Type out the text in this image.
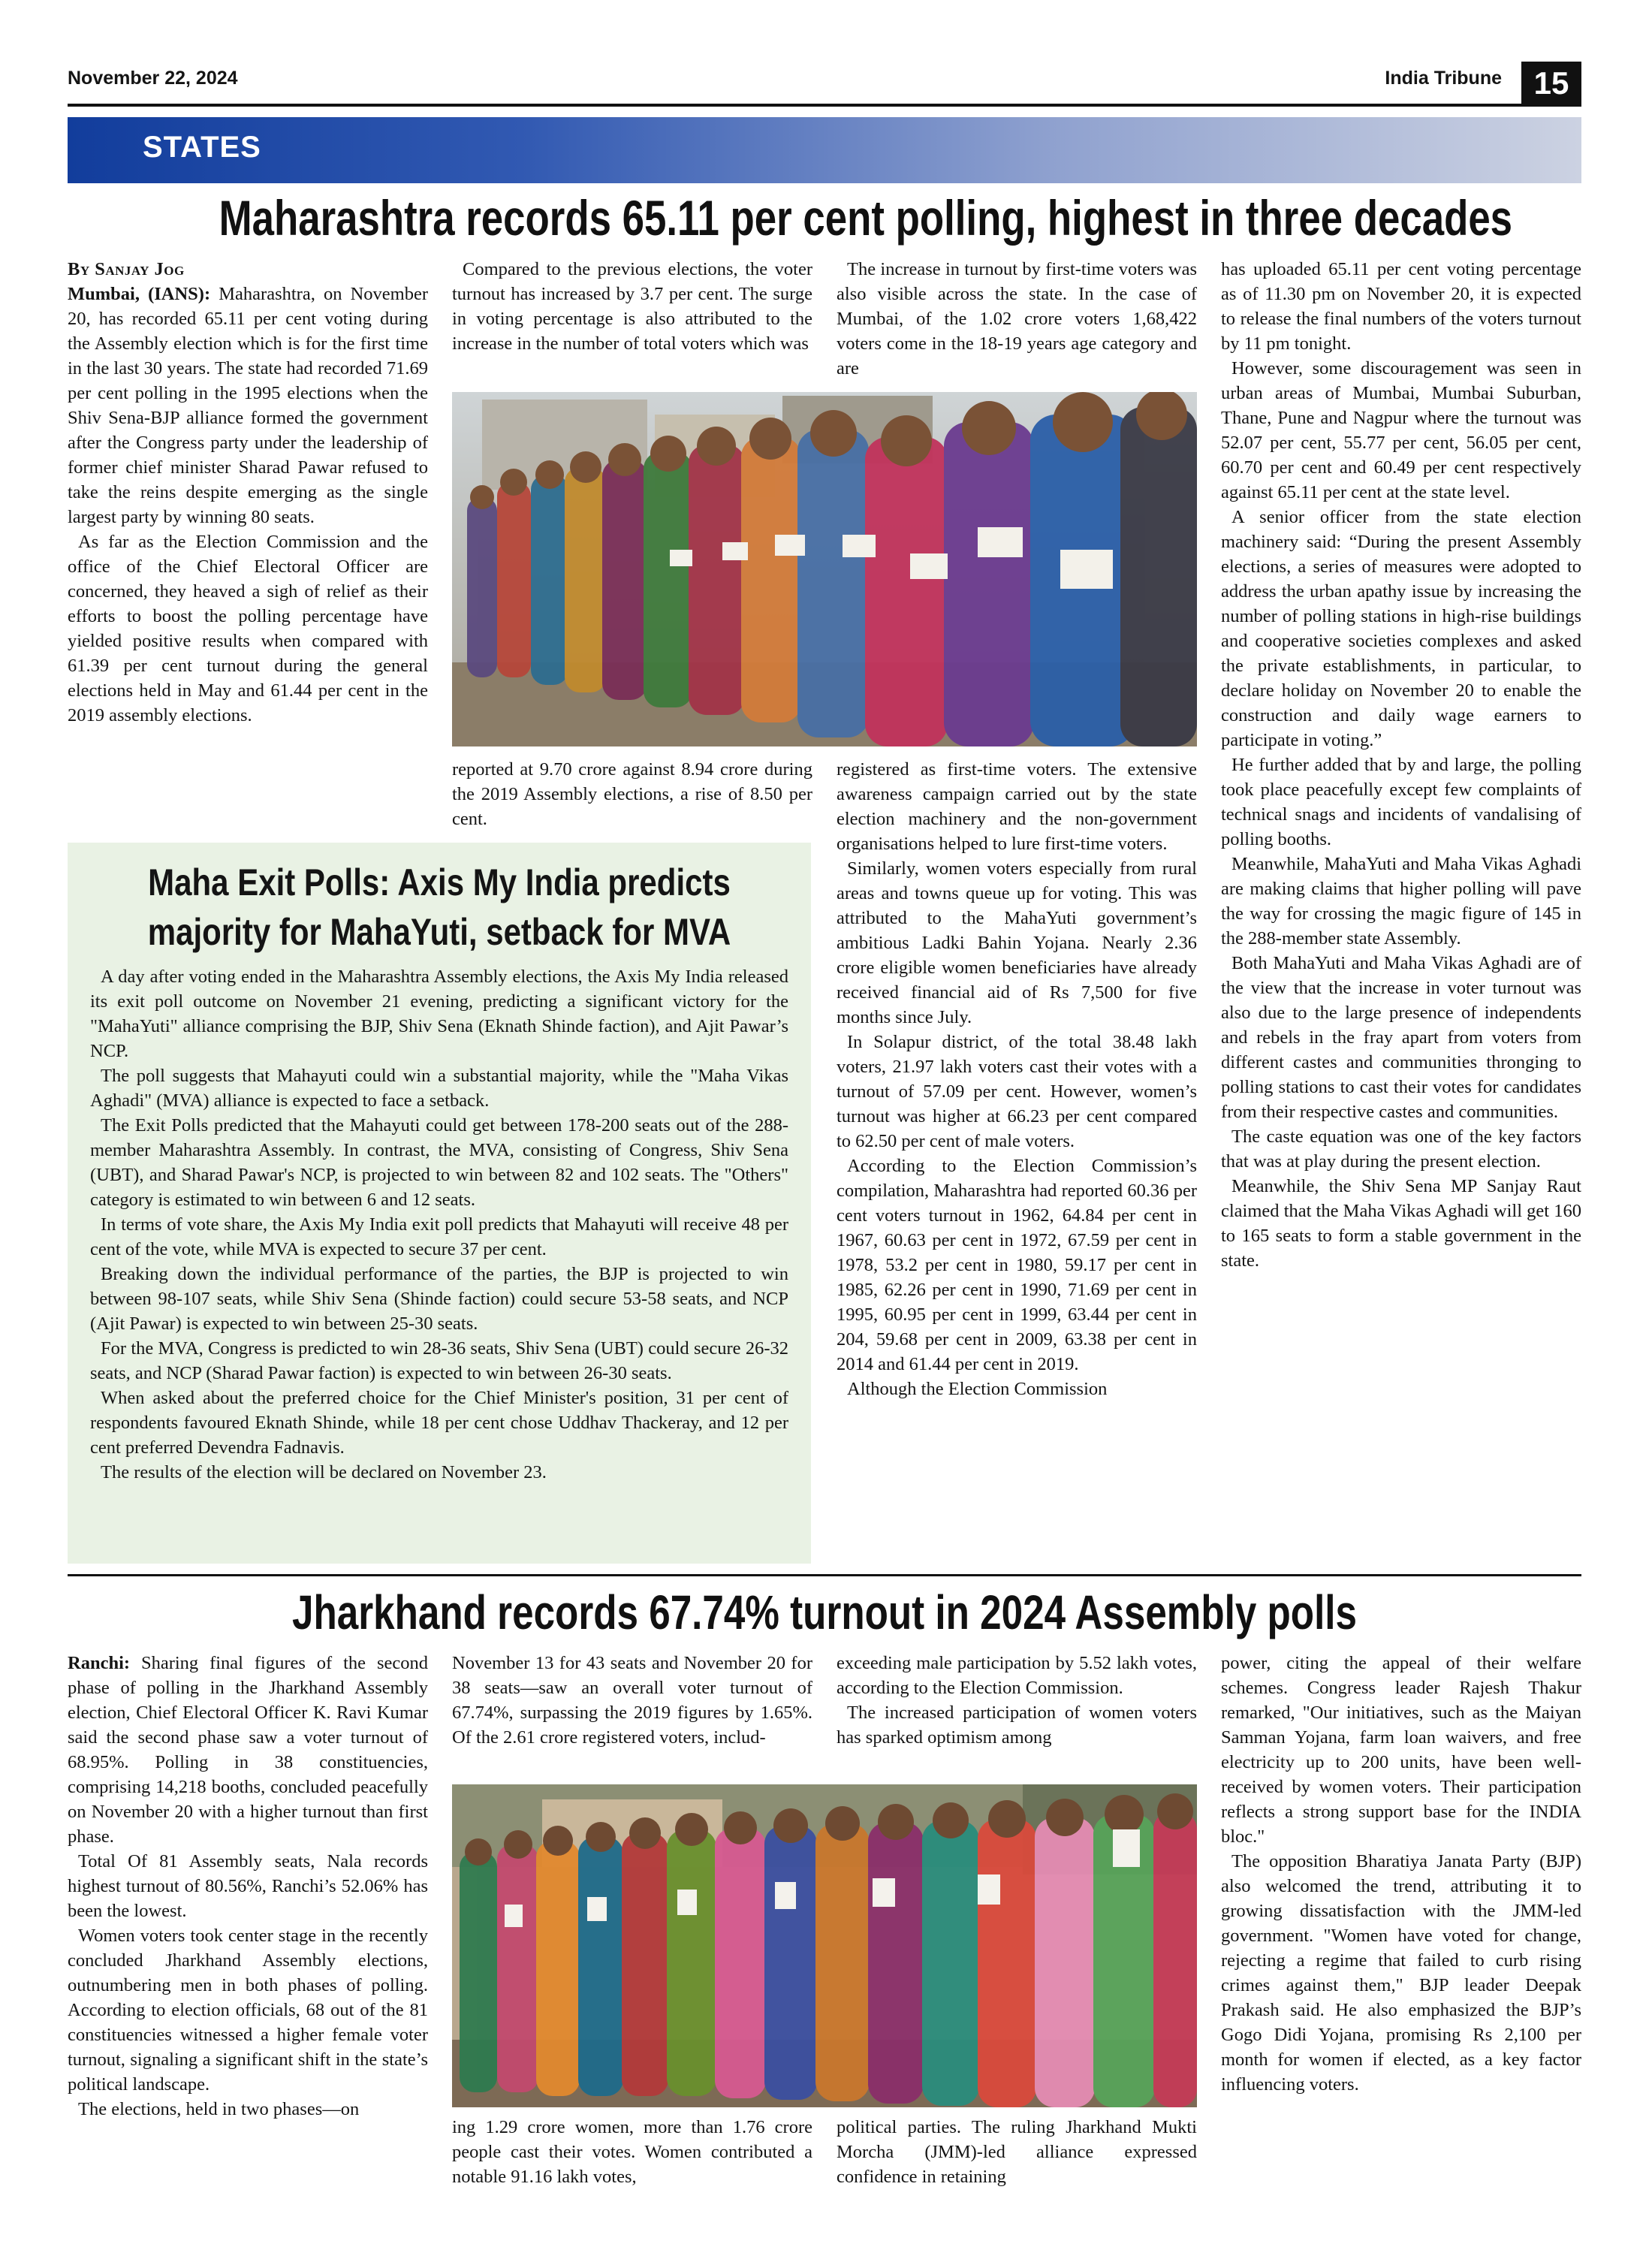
November 22, 2024	India Tribune	15
STATES
Maharashtra records 65.11 per cent polling, highest in three decades

By Sanjay Jog

Mumbai, (IANS): Maharashtra, on November 20, has recorded 65.11 per cent voting during the Assembly election which is for the first time in the last 30 years. The state had recorded 71.69 per cent polling in the 1995 elections when the Shiv Sena-BJP alliance formed the government after the Congress party under the leadership of former chief minister Sharad Pawar refused to take the reins despite emerging as the single largest party by winning 80 seats.

As far as the Election Commission and the office of the Chief Electoral Officer are concerned, they heaved a sigh of relief as their efforts to boost the polling percentage have yielded positive results when compared with 61.39 per cent turnout during the general elections held in May and 61.44 per cent in the 2019 assembly elections.

Compared to the previous elections, the voter turnout has increased by 3.7 per cent. The surge in voting percentage is also attributed to the increase in the number of total voters which was

The increase in turnout by first-time voters was also visible across the state. In the case of Mumbai, of the 1.02 crore voters 1,68,422 voters come in the 18-19 years age category and are

reported at 9.70 crore against 8.94 crore during the 2019 Assembly elections, a rise of 8.50 per cent.

registered as first-time voters. The extensive awareness campaign carried out by the state election machinery and the non-government organisations helped to lure first-time voters.

Similarly, women voters especially from rural areas and towns queue up for voting. This was attributed to the MahaYuti government’s ambitious Ladki Bahin Yojana. Nearly 2.36 crore eligible women beneficiaries have already received financial aid of Rs 7,500 for five months since July.

In Solapur district, of the total 38.48 lakh voters, 21.97 lakh voters cast their votes with a turnout of 57.09 per cent. However, women’s turnout was higher at 66.23 per cent compared to 62.50 per cent of male voters.

According to the Election Commission’s compilation, Maharashtra had reported 60.36 per cent voters turnout in 1962, 64.84 per cent in 1967, 60.63 per cent in 1972, 67.59 per cent in 1978, 53.2 per cent in 1980, 59.17 per cent in 1985, 62.26 per cent in 1990, 71.69 per cent in 1995, 60.95 per cent in 1999, 63.44 per cent in 204, 59.68 per cent in 2009, 63.38 per cent in 2014 and 61.44 per cent in 2019.

Although the Election Commission

has uploaded 65.11 per cent voting percentage as of 11.30 pm on November 20, it is expected to release the final numbers of the voters turnout by 11 pm tonight.

However, some discouragement was seen in urban areas of Mumbai, Mumbai Suburban, Thane, Pune and Nagpur where the turnout was 52.07 per cent, 55.77 per cent, 56.05 per cent, 60.70 per cent and 60.49 per cent respectively against 65.11 per cent at the state level.

A senior officer from the state election machinery said: “During the present Assembly elections, a series of measures were adopted to address the urban apathy issue by increasing the number of polling stations in high-rise buildings and cooperative societies complexes and asked the private establishments, in particular, to declare holiday on November 20 to enable the construction and daily wage earners to participate in voting.”

He further added that by and large, the polling took place peacefully except few complaints of technical snags and incidents of vandalising of polling booths.

Meanwhile, MahaYuti and Maha Vikas Aghadi are making claims that higher polling will pave the way for crossing the magic figure of 145 in the 288-member state Assembly.

Both MahaYuti and Maha Vikas Aghadi are of the view that the increase in voter turnout was also due to the large presence of independents and rebels in the fray apart from voters from different castes and communities thronging to polling stations to cast their votes for candidates from their respective castes and communities.

The caste equation was one of the key factors that was at play during the present election.

Meanwhile, the Shiv Sena MP Sanjay Raut claimed that the Maha Vikas Aghadi will get 160 to 165 seats to form a stable government in the state.

Maha Exit Polls: Axis My India predicts majority for MahaYuti, setback for MVA

A day after voting ended in the Maharashtra Assembly elections, the Axis My India released its exit poll outcome on November 21 evening, predicting a significant victory for the "MahaYuti" alliance comprising the BJP, Shiv Sena (Eknath Shinde faction), and Ajit Pawar’s NCP.

The poll suggests that Mahayuti could win a substantial majority, while the "Maha Vikas Aghadi" (MVA) alliance is expected to face a setback.

The Exit Polls predicted that the Mahayuti could get between 178-200 seats out of the 288-member Maharashtra Assembly. In contrast, the MVA, consisting of Congress, Shiv Sena (UBT), and Sharad Pawar's NCP, is projected to win between 82 and 102 seats. The "Others" category is estimated to win between 6 and 12 seats.

In terms of vote share, the Axis My India exit poll predicts that Mahayuti will receive 48 per cent of the vote, while MVA is expected to secure 37 per cent.

Breaking down the individual performance of the parties, the BJP is projected to win between 98-107 seats, while Shiv Sena (Shinde faction) could secure 53-58 seats, and NCP (Ajit Pawar) is expected to win between 25-30 seats.

For the MVA, Congress is predicted to win 28-36 seats, Shiv Sena (UBT) could secure 26-32 seats, and NCP (Sharad Pawar faction) is expected to win between 26-30 seats.

When asked about the preferred choice for the Chief Minister's position, 31 per cent of respondents favoured Eknath Shinde, while 18 per cent chose Uddhav Thackeray, and 12 per cent preferred Devendra Fadnavis.

The results of the election will be declared on November 23.

Jharkhand records 67.74% turnout in 2024 Assembly polls

Ranchi: Sharing final figures of the second phase of polling in the Jharkhand Assembly election, Chief Electoral Officer K. Ravi Kumar said the second phase saw a voter turnout of 68.95%. Polling in 38 constituencies, comprising 14,218 booths, concluded peacefully on November 20 with a higher turnout than first phase.

Total Of 81 Assembly seats, Nala records highest turnout of 80.56%, Ranchi’s 52.06% has been the lowest.

Women voters took center stage in the recently concluded Jharkhand Assembly elections, outnumbering men in both phases of polling. According to election officials, 68 out of the 81 constituencies witnessed a higher female voter turnout, signaling a significant shift in the state’s political landscape.

The elections, held in two phases—on

November 13 for 43 seats and November 20 for 38 seats—saw an overall voter turnout of 67.74%, surpassing the 2019 figures by 1.65%. Of the 2.61 crore registered voters, includ-

exceeding male participation by 5.52 lakh votes, according to the Election Commission.

The increased participation of women voters has sparked optimism among

ing 1.29 crore women, more than 1.76 crore people cast their votes. Women contributed a notable 91.16 lakh votes,

political parties. The ruling Jharkhand Mukti Morcha (JMM)-led alliance expressed confidence in retaining

power, citing the appeal of their welfare schemes. Congress leader Rajesh Thakur remarked, "Our initiatives, such as the Maiyan Samman Yojana, farm loan waivers, and free electricity up to 200 units, have been well-received by women voters. Their participation reflects a strong support base for the INDIA bloc."

The opposition Bharatiya Janata Party (BJP) also welcomed the trend, attributing it to growing dissatisfaction with the JMM-led government. "Women have voted for change, rejecting a regime that failed to curb rising crimes against them," BJP leader Deepak Prakash said. He also emphasized the BJP’s Gogo Didi Yojana, promising Rs 2,100 per month for women if elected, as a key factor influencing voters.
